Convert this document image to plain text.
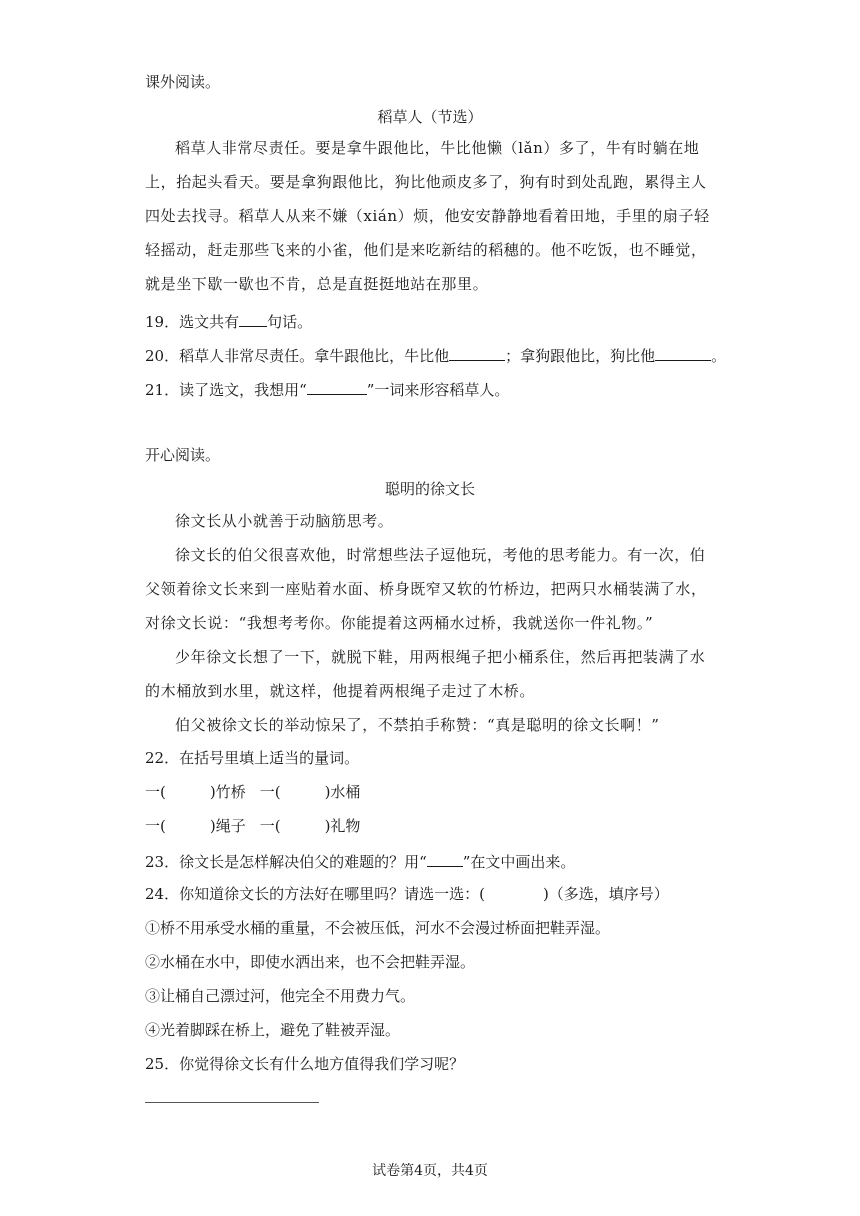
课外阅读。
稻草人（节选）
稻草人非常尽责任。要是拿牛跟他比，牛比他懒（lǎn）多了，牛有时躺在地上，抬起头看天。要是拿狗跟他比，狗比他顽皮多了，狗有时到处乱跑，累得主人四处去找寻。稻草人从来不嫌（xián）烦，他安安静静地看着田地，手里的扇子轻轻摇动，赶走那些飞来的小雀，他们是来吃新结的稻穗的。他不吃饭，也不睡觉，就是坐下歇一歇也不肯，总是直挺挺地站在那里。
19．选文共有 句话。
20．稻草人非常尽责任。拿牛跟他比，牛比他	；拿狗跟他比，狗比他	。
21．读了选文，我想用“	”一词来形容稻草人。
开心阅读。
聪明的徐文长
徐文长从小就善于动脑筋思考。
徐文长的伯父很喜欢他，时常想些法子逗他玩，考他的思考能力。有一次，伯父领着徐文长来到一座贴着水面、桥身既窄又软的竹桥边，把两只水桶装满了水，对徐文长说：“我想考考你。你能提着这两桶水过桥，我就送你一件礼物。”
少年徐文长想了一下，就脱下鞋，用两根绳子把小桶系住，然后再把装满了水的木桶放到水里，就这样，他提着两根绳子走过了木桥。
伯父被徐文长的举动惊呆了，不禁拍手称赞：“真是聪明的徐文长啊！”
22．在括号里填上适当的量词。
一(	)竹桥 一(	)水桶
一(	)绳子 一(	)礼物
23．徐文长是怎样解决伯父的难题的？用“ ”在文中画出来。
24．你知道徐文长的方法好在哪里吗？请选一选：(	)（多选，填序号）
①桥不用承受水桶的重量，不会被压低，河水不会漫过桥面把鞋弄湿。
②水桶在水中，即使水洒出来，也不会把鞋弄湿。
③让桶自己漂过河，他完全不用费力气。
④光着脚踩在桥上，避免了鞋被弄湿。
25．你觉得徐文长有什么地方值得我们学习呢？
试卷第4页，共4页
